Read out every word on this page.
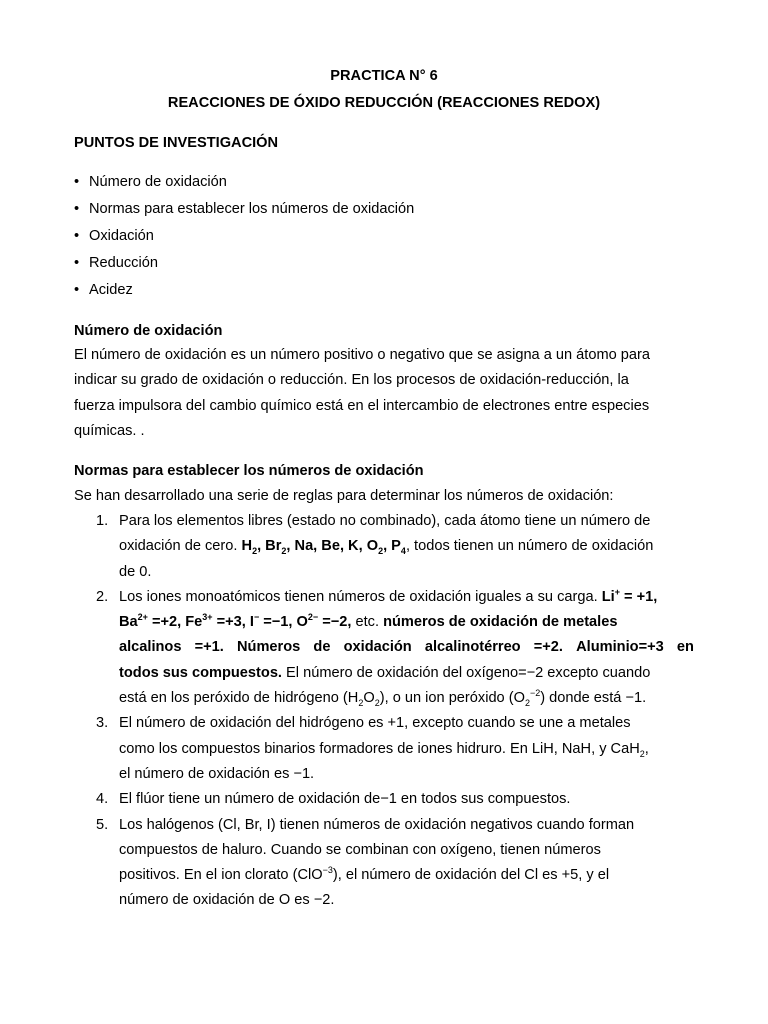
PRACTICA N° 6
REACCIONES DE ÓXIDO REDUCCIÓN (REACCIONES REDOX)
PUNTOS DE INVESTIGACIÓN
• Número de oxidación
• Normas para establecer los números de oxidación
• Oxidación
• Reducción
• Acidez
Número de oxidación
El número de oxidación es un número positivo o negativo que se asigna a un átomo para
indicar su grado de oxidación o reducción. En los procesos de oxidación-reducción, la
fuerza impulsora del cambio químico está en el intercambio de electrones entre especies
químicas. .
Normas para establecer los números de oxidación
Se han desarrollado una serie de reglas para determinar los números de oxidación:
1. Para los elementos libres (estado no combinado), cada átomo tiene un número de
oxidación de cero. $H_2$, $Br_2$, Na, Be, K, $O_2$, $P_4$, todos tienen un número de oxidación
de 0.
2. Los iones monoatómicos tienen números de oxidación iguales a su carga. Li+ = +1,
$Ba^{2+} =+2$, $Fe^{3+} =+3$, I− =−1, $O^{2-} =-2$, etc. números de oxidación de metales
alcalinos =+1. Números de oxidación alcalinotérreo =+2. Aluminio=+3 en
todos sus compuestos. El número de oxidación del oxígeno=−2 excepto cuando
está en los peróxido de hidrógeno $(H_2O_2)$, o un ion peróxido $(O_2^{-2})$ donde está −1.
3. El número de oxidación del hidrógeno es +1, excepto cuando se une a metales
como los compuestos binarios formadores de iones hidruro. En LiH, NaH, y CaH$_2$,
el número de oxidación es −1.
4. El flúor tiene un número de oxidación de−1 en todos sus compuestos.
5. Los halógenos (Cl, Br, I) tienen números de oxidación negativos cuando forman
compuestos de haluro. Cuando se combinan con oxígeno, tienen números
positivos. En el ion clorato (ClO$^{-3}$), el número de oxidación del Cl es +5, y el
número de oxidación de O es −2.
